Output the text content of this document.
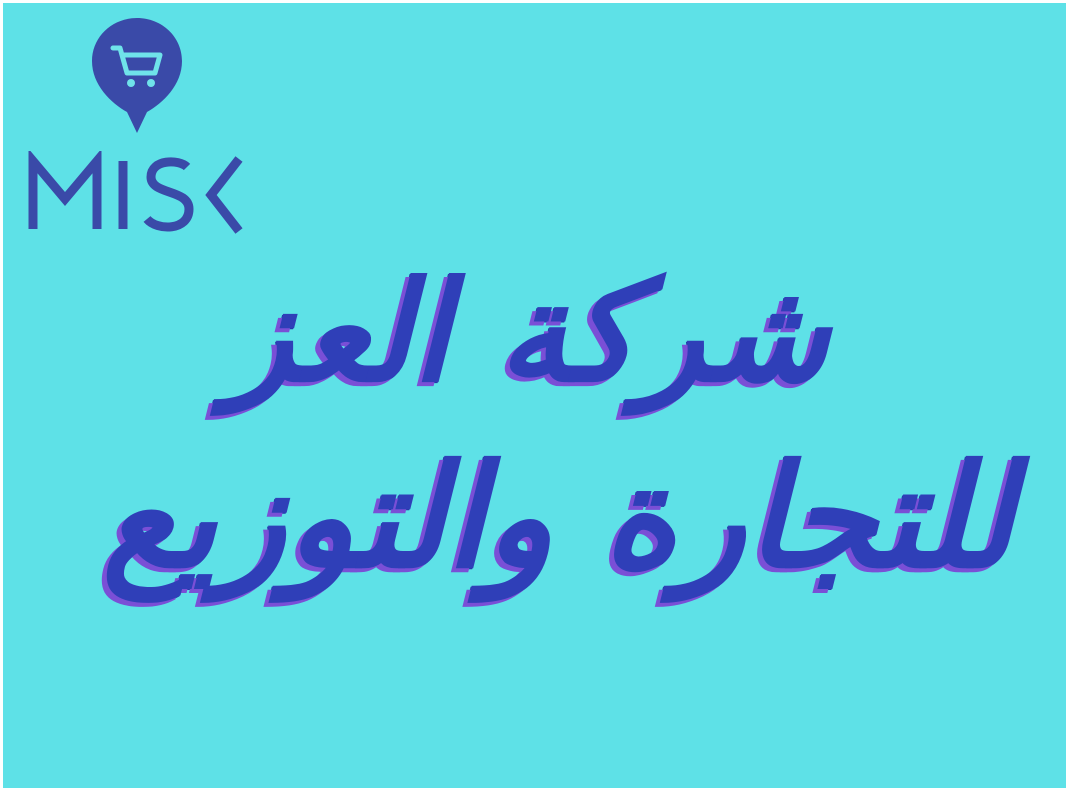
شركة العز
للتجارة والتوزيع
